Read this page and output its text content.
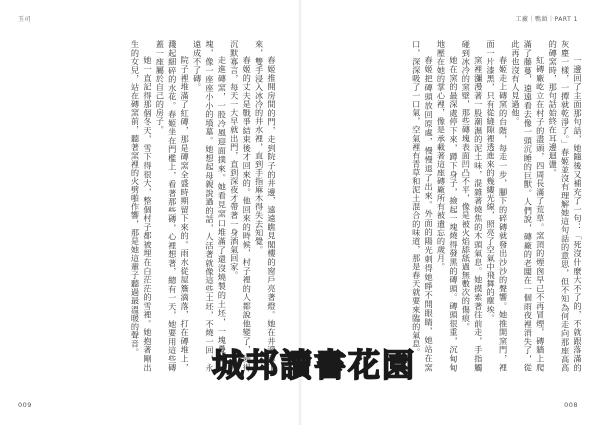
玉司

春姬推開房間的門，走到院子的井邊，遠遠瞧見閣樓的窗戶亮著燈。她在井邊蹲下來，雙手浸入冰冷的井水裡，直到手指麻木得失去知覺。

春姬的丈夫是戰爭結束後才回來的。他回來的時候，村子裡的人都說他變了，變得沉默寡言，每天一大早就出門，直到深夜才帶著一身酒氣回家。

走進磚窯，一股冷風迎面撲來。她看見窯口堆滿了還沒燒製的土坯，一塊疊著一塊，像一座座小小的墳墓。她想起母親說過的話，人活著就像這些土坯，不燒一回，永遠成不了磚。

院子裡堆滿了紅磚，那是磚窯全盛時期留下來的。雨水從屋簷滴落，打在磚堆上，濺起細碎的水花。春姬坐在門檻上，看著那些磚，心裡想著，總有一天，她要用這些磚蓋一座屬於自己的房子。

她一直記得那個冬天，雪下得很大，整個村子都被埋在白茫茫的雪裡。她抱著剛出生的女兒，站在磚窯前，聽著窯裡的火劈啪作響，那是她這輩子聽過最溫暖的聲音。

009
工廠｜鴨頭｜PART 1

一邊回了主面那句話，她隨後又補充了一句：「死沒什麼大不了的，不就跟落滿的灰塵一樣，一撢就乾淨了。」春姬並沒有理解她這句話的意思，但不知為何走向那座高高的磚窯時，那句話始終在耳邊迴盪。

紅磚廠屹立在村子的盡頭，四周長滿了荒草。窯頂的煙囪早已不再冒煙，磚牆上爬滿了藤蔓，遠遠看去像一頭沉睡的巨獸。人們說，磚廠的老闆在一個雨夜裡消失了，從此再也沒有人見過他。

春姬走上磚窯的台階，每走一步，腳下的碎磚就發出沙沙的聲響。她推開窯門，裡面一片漆黑，只有從縫隙裡透進來的幾縷光線，照亮了空氣中飛舞的塵埃。

窯裡瀰漫著一股潮濕的泥土味，混雜著燒焦的木頭氣息。她摸索著往前走，手指觸碰到冰冷的窯壁，那些磚塊表面凹凸不平，像是被火焰舔舐過無數次的傷痕。

她在窯的最深處停下來，蹲下身子，撿起一塊燒得發黑的磚頭。磚頭很重，沉甸甸地壓在她的掌心裡，像是承載著這座磚廠所有被遺忘的歲月。

春姬把磚頭放回原處，慢慢退了出來。外面的陽光刺得她睜不開眼睛，她站在窯口，深深吸了一口氣，空氣裡有青草和泥土混合的味道，那是春天就要來臨的氣息。

008
城邦讀書花園
